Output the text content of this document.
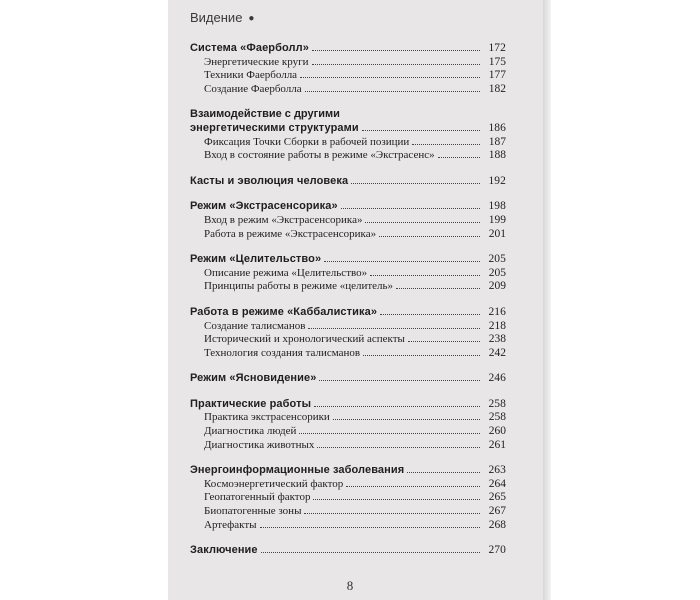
Видение ●
Система «Фаерболл»	172
Энергетические круги	175
Техники Фаерболла	177
Создание Фаерболла	182
Взаимодействие с другими
энергетическими структурами	186
Фиксация Точки Сборки в рабочей позиции	187
Вход в состояние работы в режиме «Экстрасенс»	188
Касты и эволюция человека	192
Режим «Экстрасенсорика»	198
Вход в режим «Экстрасенсорика»	199
Работа в режиме «Экстрасенсорика»	201
Режим «Целительство»	205
Описание режима «Целительство»	205
Принципы работы в режиме «целитель»	209
Работа в режиме «Каббалистика»	216
Создание талисманов	218
Исторический и хронологический аспекты	238
Технология создания талисманов	242
Режим «Ясновидение»	246
Практические работы	258
Практика экстрасенсорики	258
Диагностика людей	260
Диагностика животных	261
Энергоинформационные заболевания	263
Космоэнергетический фактор	264
Геопатогенный фактор	265
Биопатогенные зоны	267
Артефакты	268
Заключение	270
8
